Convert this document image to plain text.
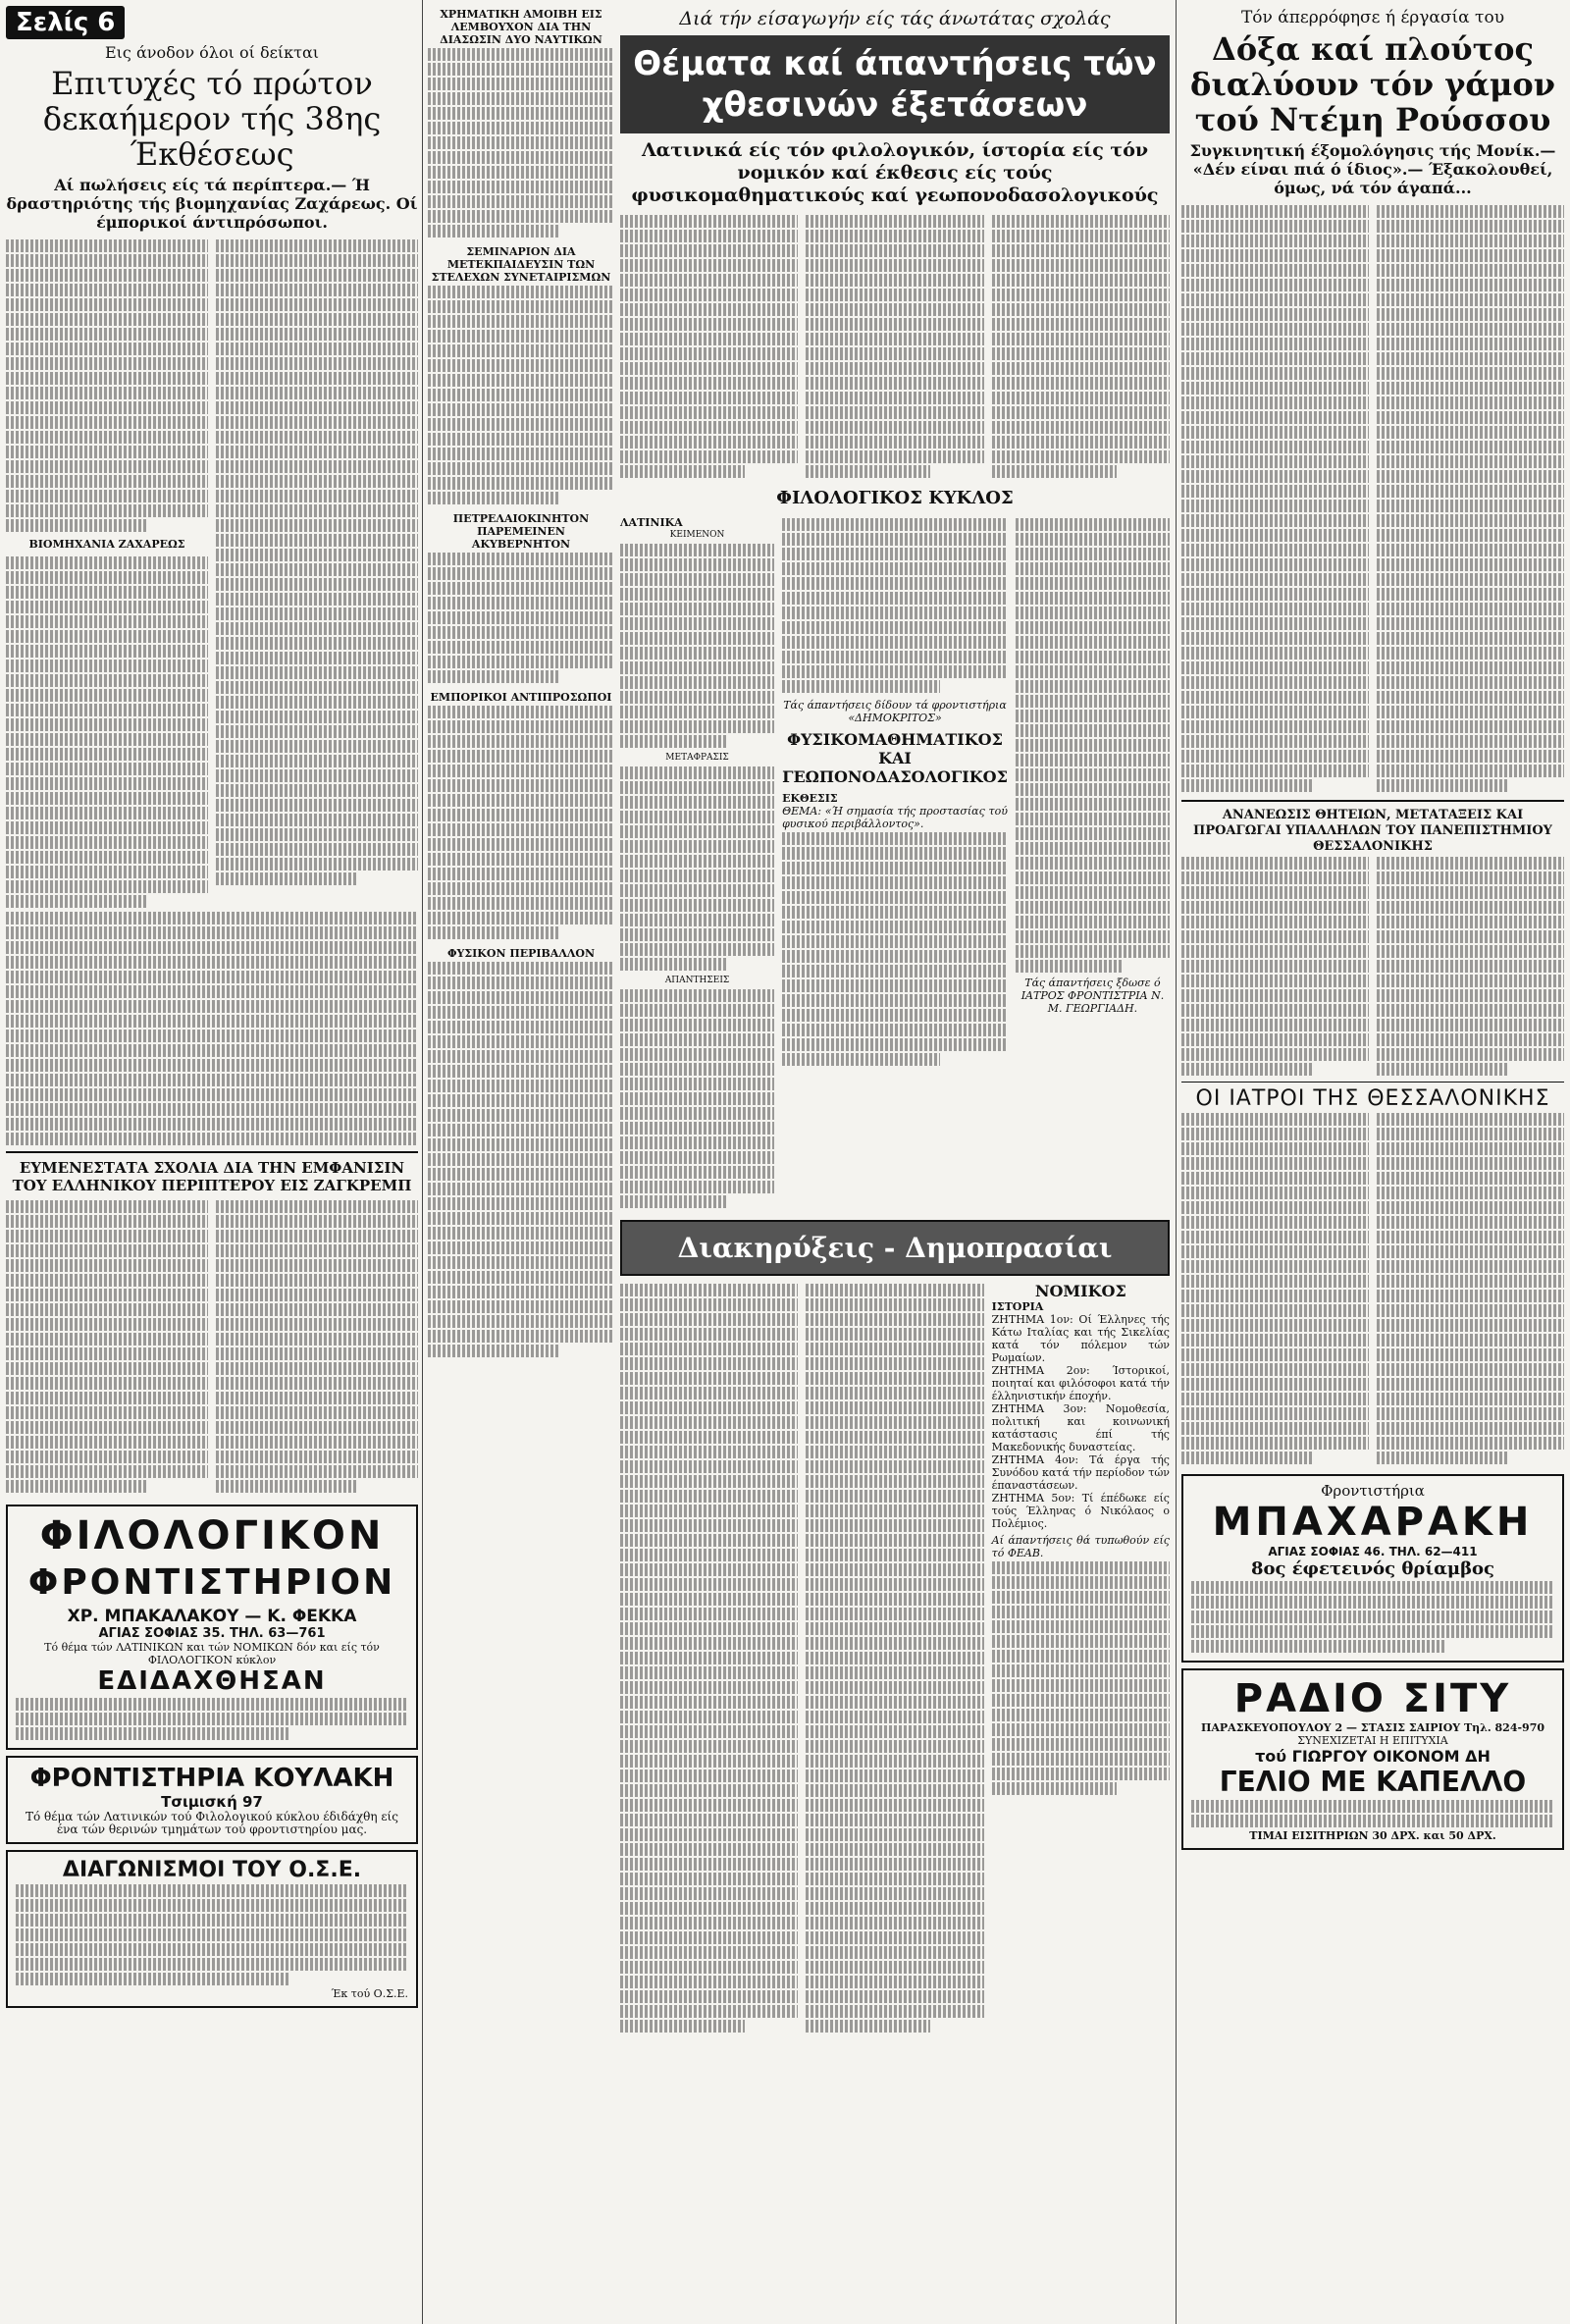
Σελίς 6
Εις άνοδον όλοι οί δείκται
Επιτυχές τό πρώτον δεκαήμερον τής 38ης Έκθέσεως
Αί πωλήσεις είς τά περίπτερα.— Ή δραστηριότης τής βιομηχανίας Ζαχάρεως. Οί έμπορικοί άντιπρόσωποι.
ΒΙΟΜΗΧΑΝΙΑ ΖΑΧΑΡΕΩΣ
ΕΥΜΕΝΕΣΤΑΤΑ ΣΧΟΛΙΑ ΔΙΑ ΤΗΝ ΕΜΦΑΝΙΣΙΝ ΤΟΥ ΕΛΛΗΝΙΚΟΥ ΠΕΡΙΠΤΕΡΟΥ ΕΙΣ ΖΑΓΚΡΕΜΠ
ΦΙΛΟΛΟΓΙΚΟΝ
ΦΡΟΝΤΙΣΤΗΡΙΟΝ
ΧΡ. ΜΠΑΚΑΛΑΚΟΥ — Κ. ΦΕΚΚΑ
ΑΓΙΑΣ ΣΟΦΙΑΣ 35. ΤΗΛ. 63—761
Τό θέμα τών ΛΑΤΙΝΙΚΩΝ και τών ΝΟΜΙΚΩΝ δόν και είς τόν ΦΙΛΟΛΟΓΙΚΟΝ κύκλον
ΕΔΙΔΑΧΘΗΣΑΝ
ΦΡΟΝΤΙΣΤΗΡΙΑ ΚΟΥΛΑΚΗ
Τσιμισκή 97
Τό θέμα τών Λατινικών τού Φιλολογικού κύκλου έδιδάχθη είς ένα τών θερινών τμημάτων τού φροντιστηρίου μας.
ΔΙΑΓΩΝΙΣΜΟΙ ΤΟΥ Ο.Σ.Ε.
Έκ τού Ο.Σ.Ε.
ΧΡΗΜΑΤΙΚΗ ΑΜΟΙΒΗ ΕΙΣ ΛΕΜΒΟΥΧΟΝ ΔΙΑ ΤΗΝ ΔΙΑΣΩΣΙΝ ΔΥΟ ΝΑΥΤΙΚΩΝ
ΣΕΜΙΝΑΡΙΟΝ ΔΙΑ ΜΕΤΕΚΠΑΙΔΕΥΣΙΝ ΤΩΝ ΣΤΕΛΕΧΩΝ ΣΥΝΕΤΑΙΡΙΣΜΩΝ
ΠΕΤΡΕΛΑΙΟΚΙΝΗΤΟΝ ΠΑΡΕΜΕΙΝΕΝ ΑΚΥΒΕΡΝΗΤΟΝ
ΕΜΠΟΡΙΚΟΙ ΑΝΤΙΠΡΟΣΩΠΟΙ
ΦΥΣΙΚΟΝ ΠΕΡΙΒΑΛΛΟΝ
Διά τήν είσαγωγήν είς τάς άνωτάτας σχολάς
Θέματα καί άπαντήσεις τών χθεσινών έξετάσεων
Λατινικά είς τόν φιλολογικόν, ίστορία είς τόν νομικόν καί έκθεσις είς τούς φυσικομαθηματικούς καί γεωπονοδασολογικούς
ΦΙΛΟΛΟΓΙΚΟΣ ΚΥΚΛΟΣ
ΛΑΤΙΝΙΚΑ
ΚΕΙΜΕΝΟΝ
ΜΕΤΑΦΡΑΣΙΣ
ΑΠΑΝΤΗΣΕΙΣ
Τάς άπαντήσεις δίδουν τά φροντιστήρια «ΔΗΜΟΚΡΙΤΟΣ»
ΦΥΣΙΚΟΜΑΘΗΜΑΤΙΚΟΣ ΚΑΙ ΓΕΩΠΟΝΟΔΑΣΟΛΟΓΙΚΟΣ
ΕΚΘΕΣΙΣ
ΘΕΜΑ: «Ή σημασία τής προστασίας τού φυσικού περιβάλλοντος».
Τάς άπαντήσεις ξδωσε ό ΙΑΤΡΟΣ ΦΡΟΝΤΙΣΤΡΙΑ Ν. Μ. ΓΕΩΡΓΙΑΔΗ.
Διακηρύξεις - Δημοπρασίαι
ΝΟΜΙΚΟΣ
ΙΣΤΟΡΙΑ
ΖΗΤΗΜΑ 1ον: Οί Έλληνες τής Κάτω Ιταλίας και τής Σικελίας κατά τόν πόλεμον τών Ρωμαίων.
ΖΗΤΗΜΑ 2ον: Ίστορικοί, ποιηταί και φιλόσοφοι κατά τήν έλληνιστικήν έποχήν.
ΖΗΤΗΜΑ 3ον: Νομοθεσία, πολιτική και κοινωνική κατάστασις έπί τής Μακεδονικής δυναστείας.
ΖΗΤΗΜΑ 4ον: Τά έργα τής Συνόδου κατά τήν περίοδον τών έπαναστάσεων.
ΖΗΤΗΜΑ 5ον: Τί έπέδωκε είς τούς Έλληνας ό Νικόλαος ο Πολέμιος.
Αί άπαντήσεις θά τυπωθούν είς τό ΦΕΑΒ.
Τόν άπερρόφησε ή έργασία του
Δόξα καί πλούτος διαλύουν τόν γάμον τού Ντέμη Ρούσσου
Συγκινητική έξομολόγησις τής Μονίκ.— «Δέν είναι πιά ό ίδιος».— Έξακολουθεί, όμως, νά τόν άγαπά...
ΑΝΑΝΕΩΣΙΣ ΘΗΤΕΙΩΝ, ΜΕΤΑΤΑΞΕΙΣ ΚΑΙ ΠΡΟΑΓΩΓΑΙ ΥΠΑΛΛΗΛΩΝ ΤΟΥ ΠΑΝΕΠΙΣΤΗΜΙΟΥ ΘΕΣΣΑΛΟΝΙΚΗΣ
ΟΙ ΙΑΤΡΟΙ ΤΗΣ ΘΕΣΣΑΛΟΝΙΚΗΣ
Φροντιστήρια
ΜΠΑΧΑΡΑΚΗ
ΑΓΙΑΣ ΣΟΦΙΑΣ 46. ΤΗΛ. 62—411
8ος έφετεινός θρίαμβος
ΡΑΔΙΟ ΣΙΤΥ
ΠΑΡΑΣΚΕΥΟΠΟΥΛΟΥ 2 — ΣΤΑΣΙΣ ΣΑΙΡΙΟΥ Τηλ. 824-970
ΣΥΝΕΧΙΖΕΤΑΙ Η ΕΠΙΤΥΧΙΑ
τού ΓΙΩΡΓΟΥ ΟΙΚΟΝΟΜ ΔΗ
ΓΕΛΙΟ ΜΕ ΚΑΠΕΛΛΟ
ΤΙΜΑΙ ΕΙΣΙΤΗΡΙΩΝ 30 ΔΡΧ. και 50 ΔΡΧ.
